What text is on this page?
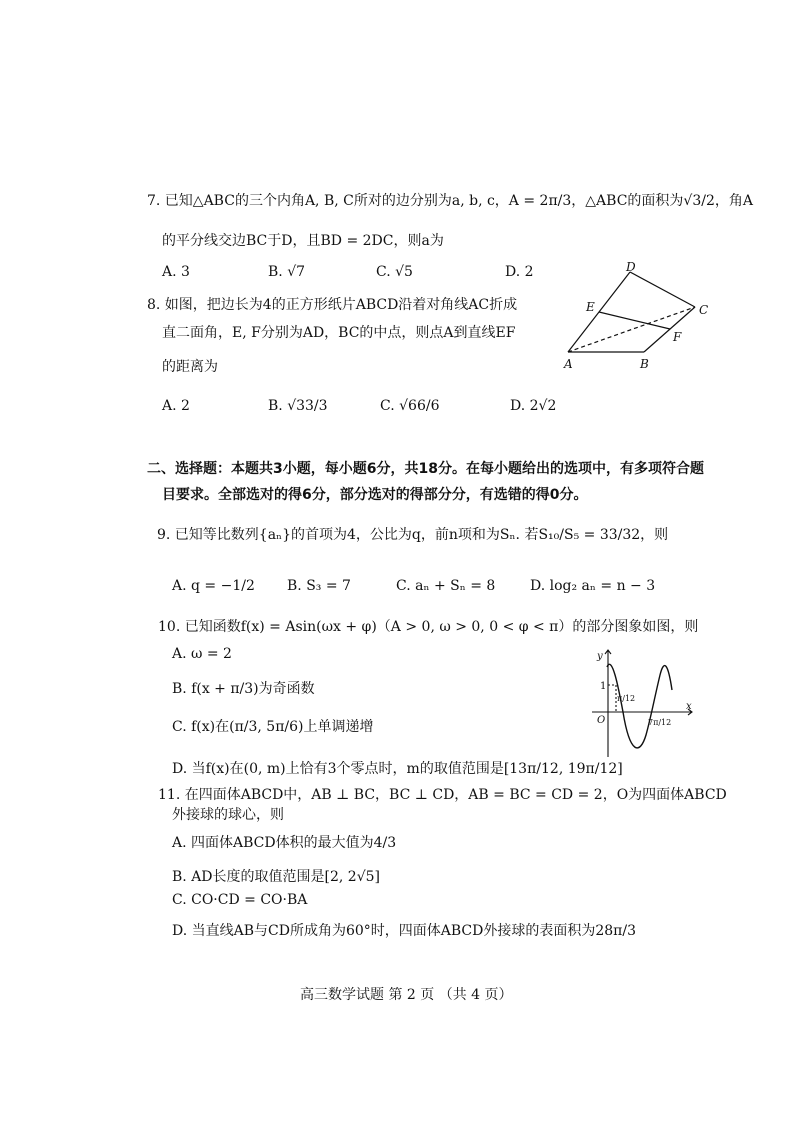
7. 已知△ABC的三个内角A, B, C所对的边分别为a, b, c，A = 2π/3，△ABC的面积为√3/2，角A
的平分线交边BC于D，且BD = 2DC，则a为
A. 3	B. √7	C. √5	D. 2
8. 如图，把边长为4的正方形纸片ABCD沿着对角线AC折成
直二面角，E, F分别为AD，BC的中点，则点A到直线EF
的距离为
A. 2	B. √33/3	C. √66/6	D. 2√2
D
E	C
F
A	B
二、选择题：本题共3小题，每小题6分，共18分。在每小题给出的选项中，有多项符合题
目要求。全部选对的得6分，部分选对的得部分分，有选错的得0分。
9. 已知等比数列{aₙ}的首项为4，公比为q，前n项和为Sₙ. 若S₁₀/S₅ = 33/32，则
A. q = −1/2 B. S₃ = 7	C. aₙ + Sₙ = 8 D. log₂ aₙ = n − 3
10. 已知函数f(x) = Asin(ωx + φ)（A > 0, ω > 0, 0 < φ < π）的部分图象如图，则
A. ω = 2
B. f(x + π/3)为奇函数
C. f(x)在(π/3, 5π/6)上单调递增
D. 当f(x)在(0, m)上恰有3个零点时，m的取值范围是[13π/12, 19π/12]
y
x
O
1
π/12
7π/12
11. 在四面体ABCD中，AB ⊥ BC，BC ⊥ CD，AB = BC = CD = 2，O为四面体ABCD
外接球的球心，则
A. 四面体ABCD体积的最大值为4/3
B. AD长度的取值范围是[2, 2√5]
C. CO·CD = CO·BA
D. 当直线AB与CD所成角为60°时，四面体ABCD外接球的表面积为28π/3
高三数学试题 第 2 页 （共 4 页）
